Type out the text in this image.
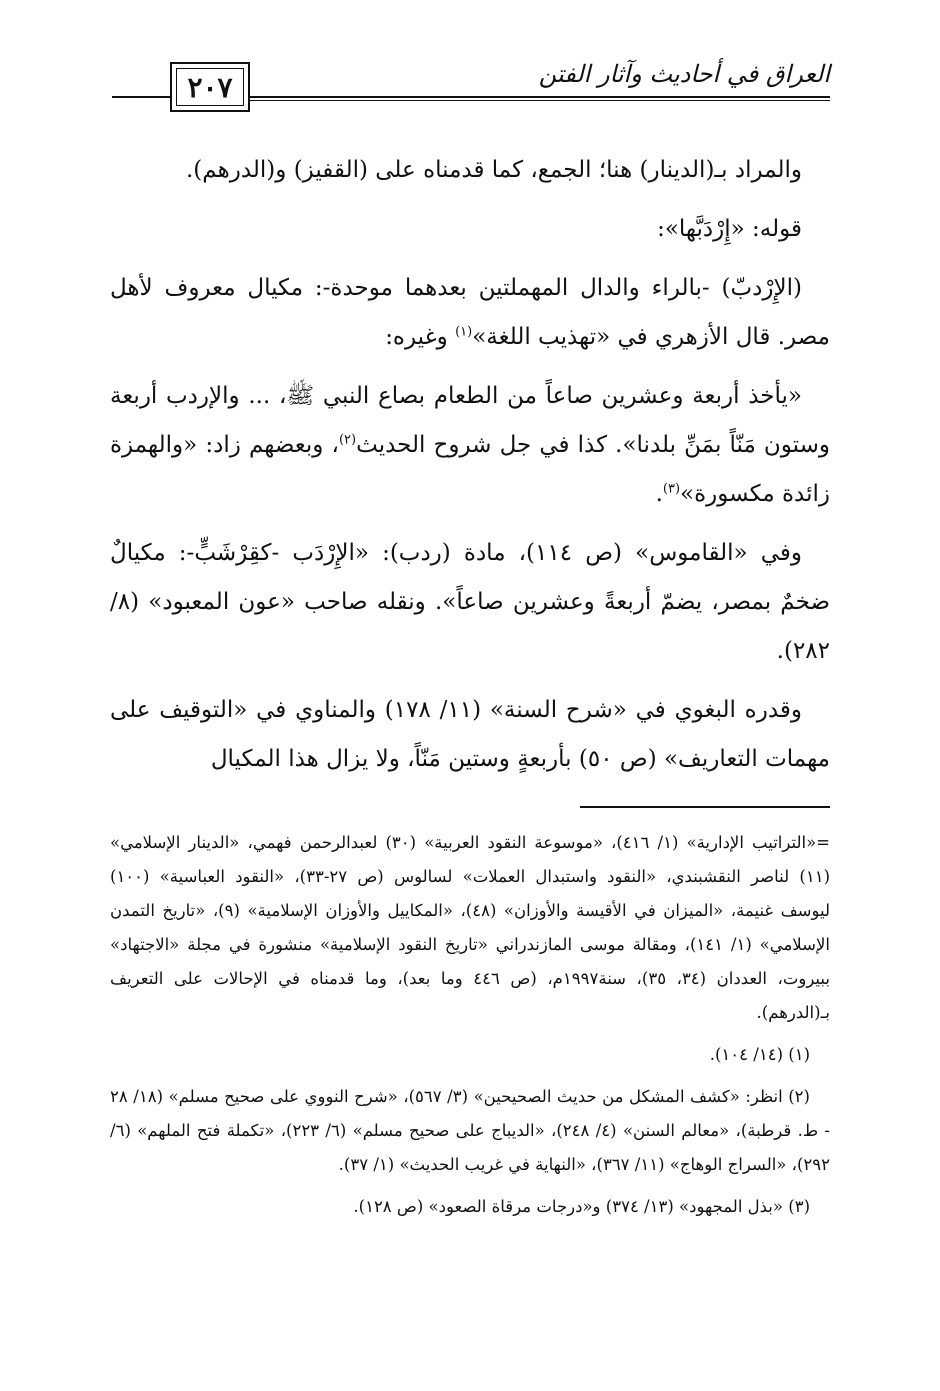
٢٠٧	العراق في أحاديث وآثار الفتن

والمراد بـ(الدينار) هنا؛ الجمع، كما قدمناه على (القفيز) و(الدرهم).

قوله: «إِرْدَبَّها»:

(الإِرْدبّ) -بالراء والدال المهملتين بعدهما موحدة-: مكيال معروف لأهل مصر. قال الأزهري في «تهذيب اللغة»$^{(١)}$ وغيره:

«يأخذ أربعة وعشرين صاعاً من الطعام بصاع النبي ﷺ، ... والإردب أربعة وستون مَنّاً بمَنِّ بلدنا». كذا في جل شروح الحديث$^{(٢)}$، وبعضهم زاد: «والهمزة زائدة مكسورة»$^{(٣)}$.

وفي «القاموس» (ص ١١٤)، مادة (ردب): «الإِرْدَب -كقِرْشَبٍّ-: مكيالٌ ضخمٌ بمصر، يضمّ أربعةً وعشرين صاعاً». ونقله صاحب «عون المعبود» (٨/ ٢٨٢).

وقدره البغوي في «شرح السنة» (١١/ ١٧٨) والمناوي في «التوقيف على مهمات التعاريف» (ص ٥٠) بأربعةٍ وستين مَنّاً، ولا يزال هذا المكيال

=«التراتيب الإدارية» (١/ ٤١٦)، «موسوعة النقود العربية» (٣٠) لعبدالرحمن فهمي، «الدينار الإسلامي» (١١) لناصر النقشبندي، «النقود واستبدال العملات» لسالوس (ص ٢٧-٣٣)، «النقود العباسية» (١٠٠) ليوسف غنيمة، «الميزان في الأقيسة والأوزان» (٤٨)، «المكاييل والأوزان الإسلامية» (٩)، «تاريخ التمدن الإسلامي» (١/ ١٤١)، ومقالة موسى المازندراني «تاريخ النقود الإسلامية» منشورة في مجلة «الاجتهاد» ببيروت، العددان (٣٤، ٣٥)، سنة١٩٩٧م، (ص ٤٤٦ وما بعد)، وما قدمناه في الإحالات على التعريف بـ(الدرهم).

(١) (١٤/ ١٠٤).

(٢) انظر: «كشف المشكل من حديث الصحيحين» (٣/ ٥٦٧)، «شرح النووي على صحيح مسلم» (١٨/ ٢٨ - ط. قرطبة)، «معالم السنن» (٤/ ٢٤٨)، «الديباج على صحيح مسلم» (٦/ ٢٢٣)، «تكملة فتح الملهم» (٦/ ٢٩٢)، «السراج الوهاج» (١١/ ٣٦٧)، «النهاية في غريب الحديث» (١/ ٣٧).

(٣) «بذل المجهود» (١٣/ ٣٧٤) و«درجات مرقاة الصعود» (ص ١٢٨).
